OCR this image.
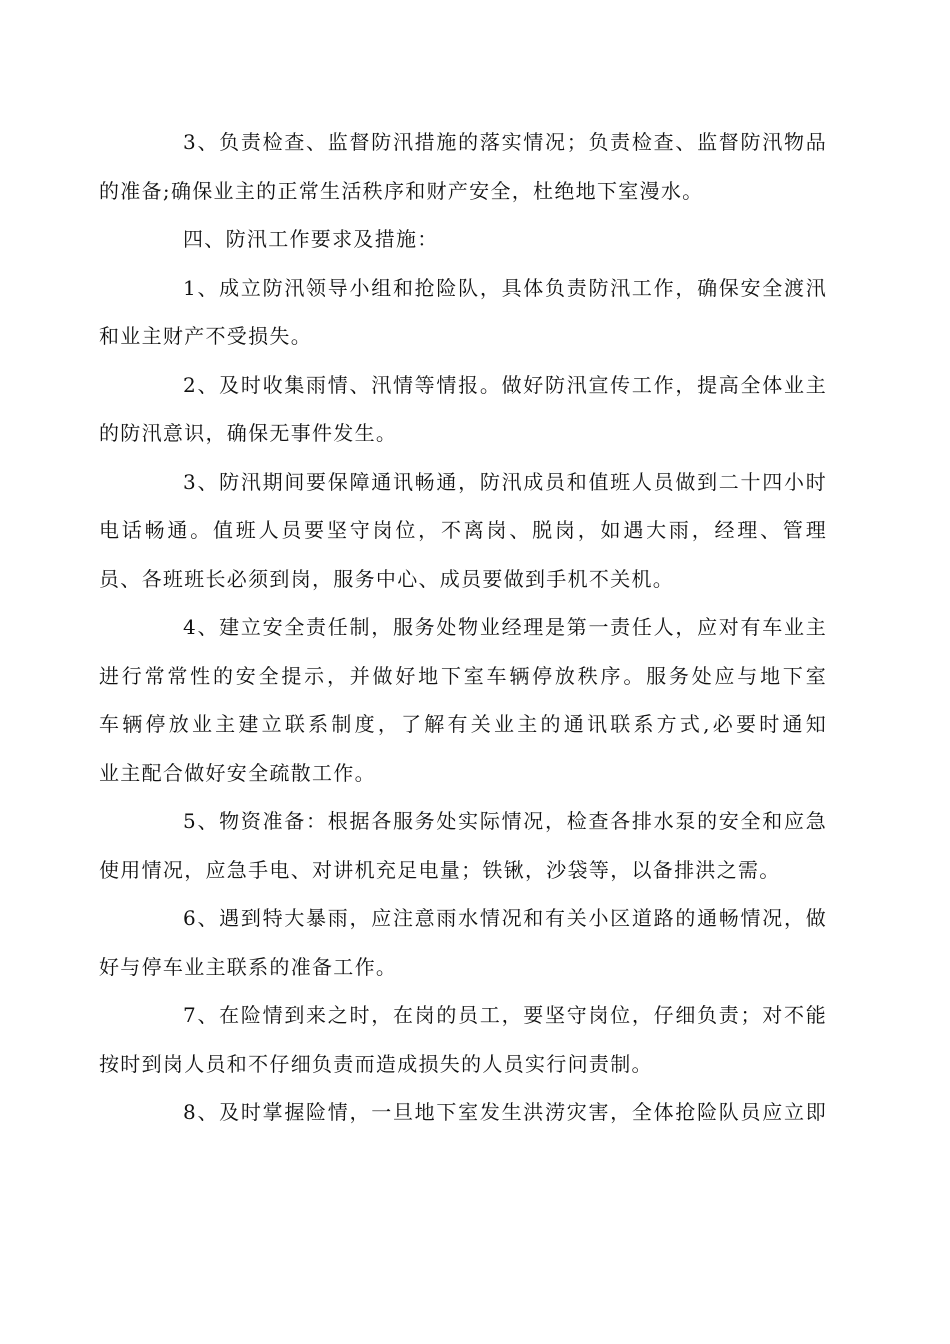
3、负责检查、监督防汛措施的落实情况；负责检查、监督防汛物品
的准备;确保业主的正常生活秩序和财产安全，杜绝地下室漫水。

四、防汛工作要求及措施：

1、成立防汛领导小组和抢险队，具体负责防汛工作，确保安全渡汛
和业主财产不受损失。

2、及时收集雨情、汛情等情报。做好防汛宣传工作，提高全体业主
的防汛意识，确保无事件发生。

3、防汛期间要保障通讯畅通，防汛成员和值班人员做到二十四小时
电话畅通。值班人员要坚守岗位，不离岗、脱岗，如遇大雨，经理、管理
员、各班班长必须到岗，服务中心、成员要做到手机不关机。

4、建立安全责任制，服务处物业经理是第一责任人，应对有车业主
进行常常性的安全提示，并做好地下室车辆停放秩序。服务处应与地下室
车辆停放业主建立联系制度，了解有关业主的通讯联系方式,必要时通知
业主配合做好安全疏散工作。

5、物资准备：根据各服务处实际情况，检查各排水泵的安全和应急
使用情况，应急手电、对讲机充足电量；铁锹，沙袋等，以备排洪之需。

6、遇到特大暴雨，应注意雨水情况和有关小区道路的通畅情况，做
好与停车业主联系的准备工作。

7、在险情到来之时，在岗的员工，要坚守岗位，仔细负责；对不能
按时到岗人员和不仔细负责而造成损失的人员实行问责制。

8、及时掌握险情，一旦地下室发生洪涝灾害，全体抢险队员应立即
